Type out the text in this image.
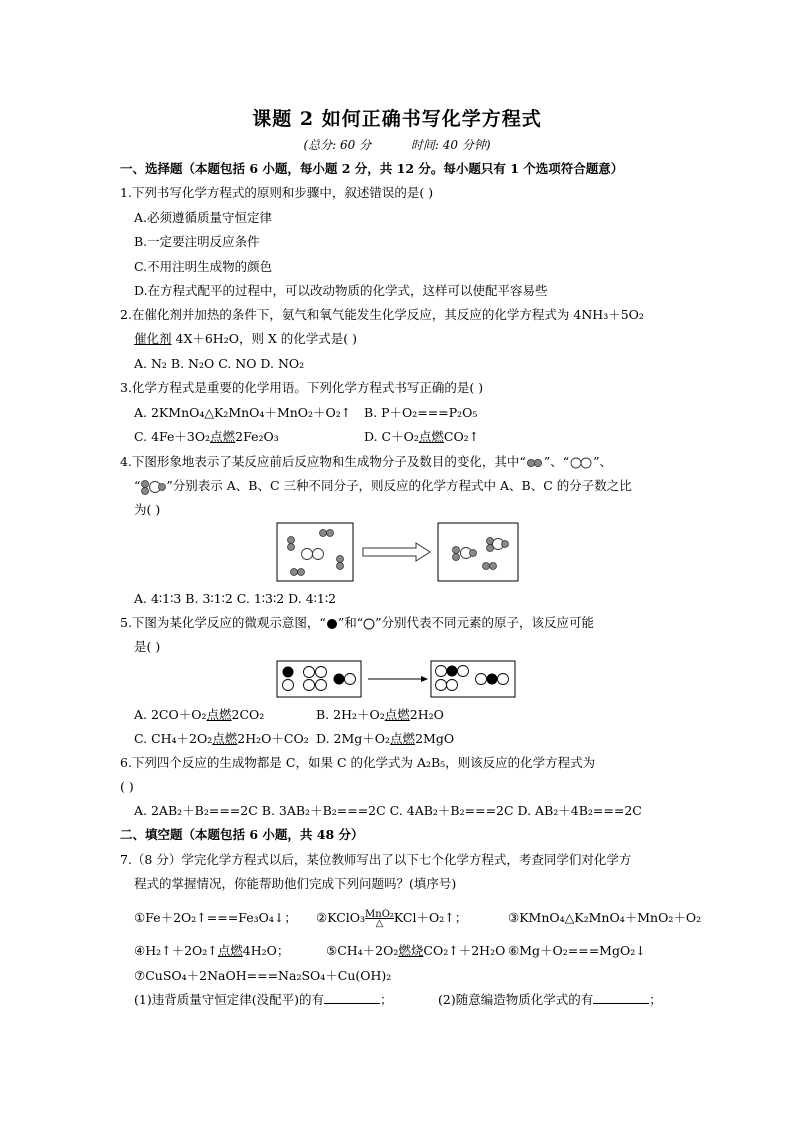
课题 2 如何正确书写化学方程式
(总分: 60 分	时间: 40 分钟)
一、选择题（本题包括 6 小题，每小题 2 分，共 12 分。每小题只有 1 个选项符合题意）
1.下列书写化学方程式的原则和步骤中，叙述错误的是( )
A.必须遵循质量守恒定律
B.一定要注明反应条件
C.不用注明生成物的颜色
D.在方程式配平的过程中，可以改动物质的化学式，这样可以使配平容易些
2.在催化剂并加热的条件下，氨气和氧气能发生化学反应，其反应的化学方程式为 4NH₃＋5O₂
催化剂 4X＋6H₂O，则 X 的化学式是( )
A. N₂ B. N₂O C. NO D. NO₂
3.化学方程式是重要的化学用语。下列化学方程式书写正确的是( )
A. 2KMnO₄△K₂MnO₄＋MnO₂＋O₂↑ B. P＋O₂===P₂O₅
C. 4Fe＋3O₂点燃2Fe₂O₃	D. C＋O₂点燃CO₂↑
4.下图形象地表示了某反应前后反应物和生成物分子及数目的变化，其中“ ”、“ ”、
“ ”分别表示 A、B、C 三种不同分子，则反应的化学方程式中 A、B、C 的分子数之比
为( )
A. 4∶1∶3 B. 3∶1∶2 C. 1∶3∶2 D. 4∶1∶2
5.下图为某化学反应的微观示意图，“ ”和“ ”分别代表不同元素的原子，该反应可能
是( )
A. 2CO＋O₂点燃2CO₂	B. 2H₂＋O₂点燃2H₂O
C. CH₄＋2O₂点燃2H₂O＋CO₂ D. 2Mg＋O₂点燃2MgO
6.下列四个反应的生成物都是 C，如果 C 的化学式为 A₂B₅，则该反应的化学方程式为
( )
A. 2AB₂＋B₂===2C B. 3AB₂＋B₂===2C C. 4AB₂＋B₂===2C D. AB₂＋4B₂===2C
二、填空题（本题包括 6 小题，共 48 分）
7.（8 分）学完化学方程式以后，某位教师写出了以下七个化学方程式，考查同学们对化学方
程式的掌握情况，你能帮助他们完成下列问题吗？(填序号)
①Fe＋2O₂↑===Fe₃O₄↓； ②KClO₃ $\frac{\text{MnO₂}}{\triangle}KCl+O_2↑$；	③KMnO₄△K₂MnO₄＋MnO₂＋O₂
④H₂↑＋2O₂↑点燃4H₂O；	⑤CH₄＋2O₂燃烧CO₂↑＋2H₂O ⑥Mg＋O₂===MgO₂↓
⑦CuSO₄＋2NaOH===Na₂SO₄＋Cu(OH)₂
(1)违背质量守恒定律(没配平)的有	；	(2)随意编造物质化学式的有	；
